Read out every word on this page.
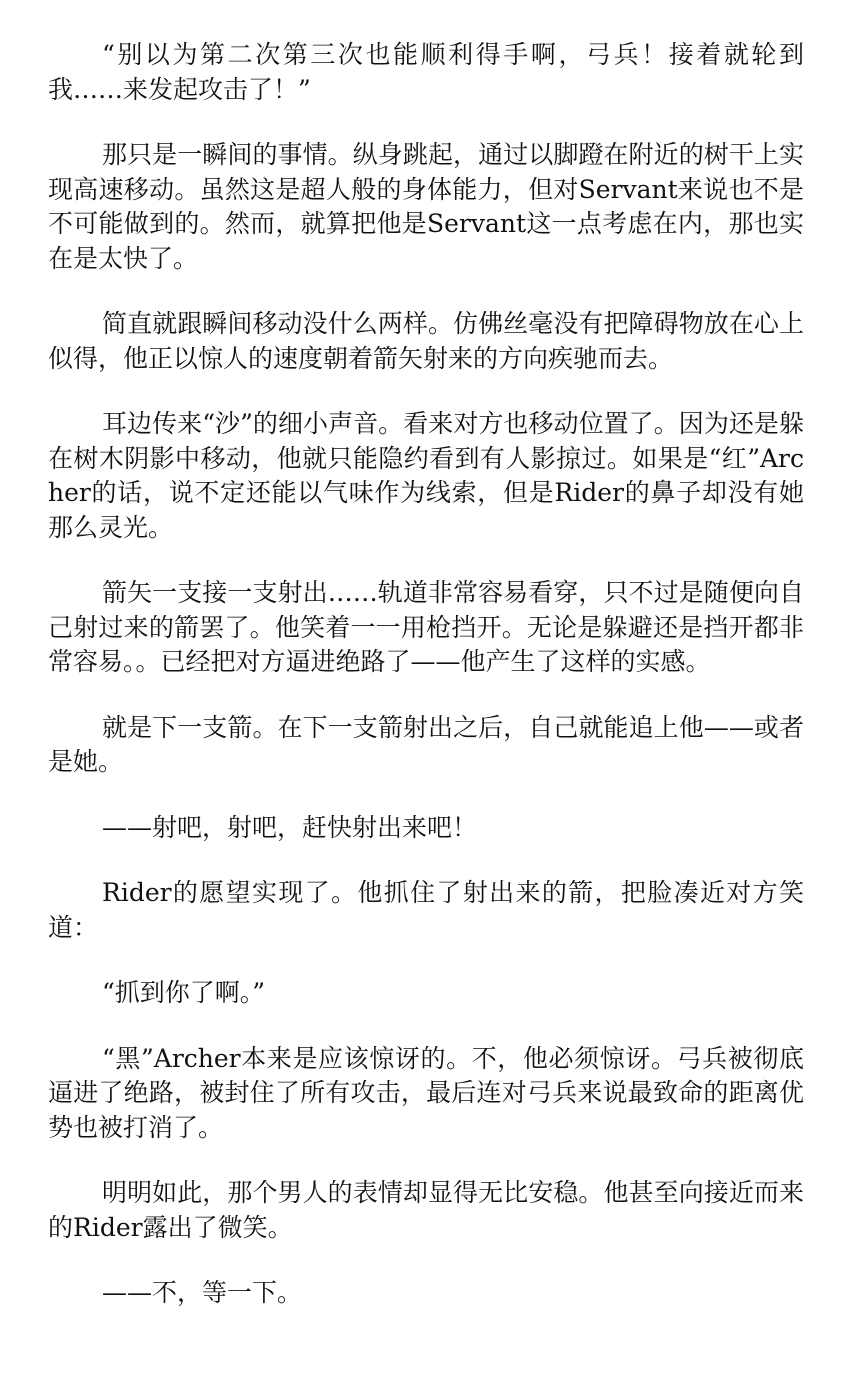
“别以为第二次第三次也能顺利得手啊，弓兵！接着就轮到我……来发起攻击了！”

那只是一瞬间的事情。纵身跳起，通过以脚蹬在附近的树干上实现高速移动。虽然这是超人般的身体能力，但对Servant来说也不是不可能做到的。然而，就算把他是Servant这一点考虑在内，那也实在是太快了。

简直就跟瞬间移动没什么两样。仿佛丝毫没有把障碍物放在心上似得，他正以惊人的速度朝着箭矢射来的方向疾驰而去。

耳边传来“沙”的细小声音。看来对方也移动位置了。因为还是躲在树木阴影中移动，他就只能隐约看到有人影掠过。如果是“红”Archer的话，说不定还能以气味作为线索，但是Rider的鼻子却没有她那么灵光。

箭矢一支接一支射出……轨道非常容易看穿，只不过是随便向自己射过来的箭罢了。他笑着一一用枪挡开。无论是躲避还是挡开都非常容易。。已经把对方逼进绝路了——他产生了这样的实感。

就是下一支箭。在下一支箭射出之后，自己就能追上他——或者是她。

——射吧，射吧，赶快射出来吧！

Rider的愿望实现了。他抓住了射出来的箭，把脸凑近对方笑道：

“抓到你了啊。”

“黑”Archer本来是应该惊讶的。不，他必须惊讶。弓兵被彻底逼进了绝路，被封住了所有攻击，最后连对弓兵来说最致命的距离优势也被打消了。

明明如此，那个男人的表情却显得无比安稳。他甚至向接近而来的Rider露出了微笑。

——不，等一下。
